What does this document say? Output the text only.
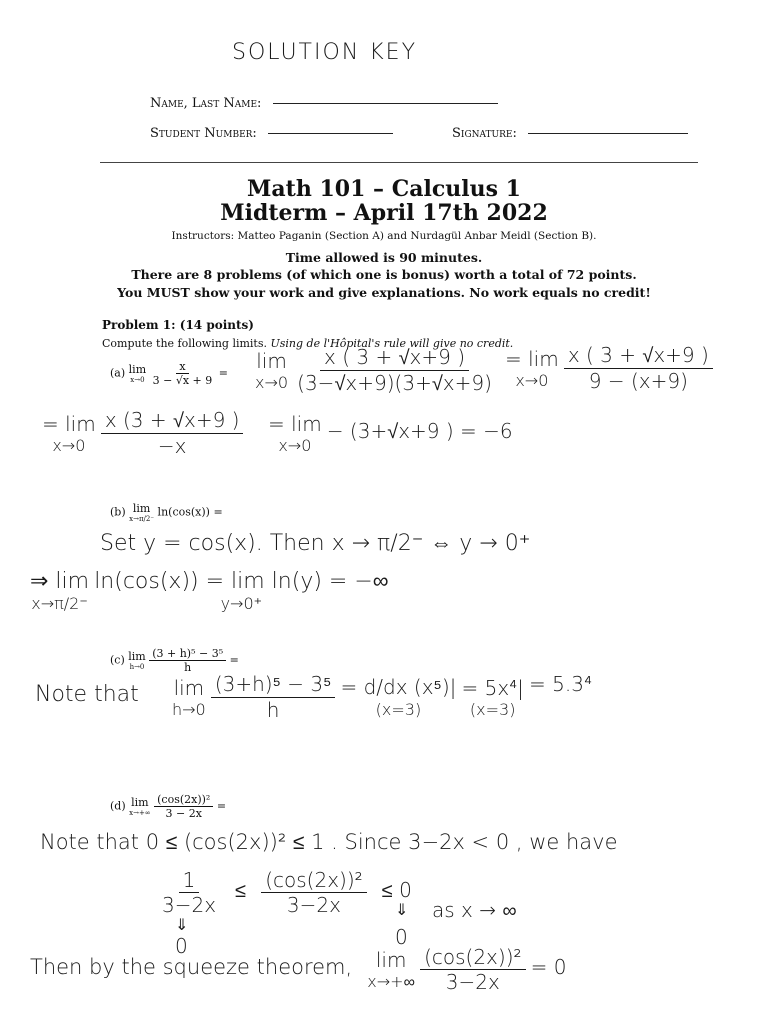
SOLUTION KEY
Name, Last Name:
Student Number:	Signature:
Math 101 – Calculus 1
Midterm – April 17th 2022
Instructors: Matteo Paganin (Section A) and Nurdagül Anbar Meidl (Section B).
Time allowed is 90 minutes.
There are 8 problems (of which one is bonus) worth a total of 72 points.
You MUST show your work and give explanations. No work equals no credit!
Problem 1: (14 points)
Compute the following limits. Using de l'Hôpital's rule will give no credit.
(a) lim
x→0
$\frac{x}{3 - √x + 9} = \lim$
x→0
$\frac{x ( 3 + √x+9 )}{(3-√x+9)(3+√x+9)} = \lim$
x→0
$\frac{x ( 3 + √x+9 )}{9 - (x+9)}$
= lim
x→0
$\frac{x (3 + √x+9 )}{-x} = \lim$
x→0
− (3+√x+9 ) = −6
(b) lim
x→π/2⁻
ln(cos(x)) =
Set y = cos(x). Then x → π/2⁻ ⇔ y → 0⁺
⇒ lim
x→π/2⁻

ln(cos(x)) = lim ln(y) = −∞
y→0⁺
(c) lim
h→0
$\frac{\text{(3 + h)⁵ − 3⁵}}{h}$ =
Note that lim
h→0
$\frac{\text{(3+h)⁵ − 3⁵}}{h}$
= d/dx (x⁵)|
(x=3)

= 5x⁴|
(x=3)
= 5.3⁴
(d) lim
x→+∞
$\frac{\text{(cos(2x))²}}{3 - 2x}$ =
Note that 0 ≤ (cos(2x))² ≤ 1 . Since 3−2x < 0 , we have
$\frac{1}{3-2x} \le \frac{\text{(cos(2x))²}}{3-2x} \le 0$
⇓
0
⇓
0
as x → ∞
Then by the squeeze theorem, lim
x→+∞
$\frac{\text{(cos(2x))²}}{3-2x} = 0$
